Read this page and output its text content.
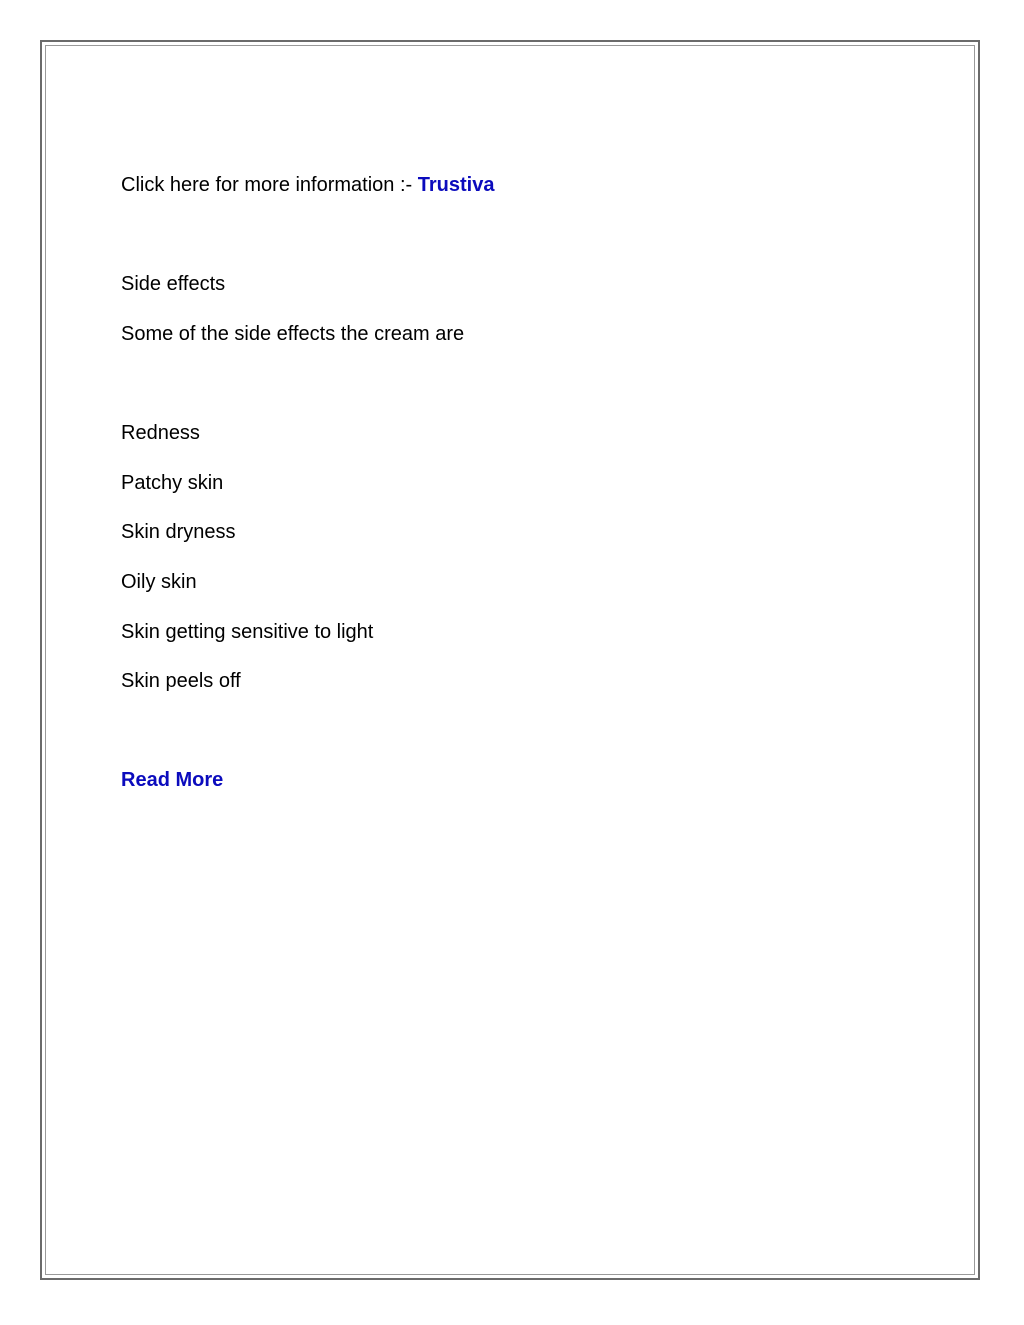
Click here for more information :- Trustiva
Side effects
Some of the side effects the cream are
Redness
Patchy skin
Skin dryness
Oily skin
Skin getting sensitive to light
Skin peels off
Read More
